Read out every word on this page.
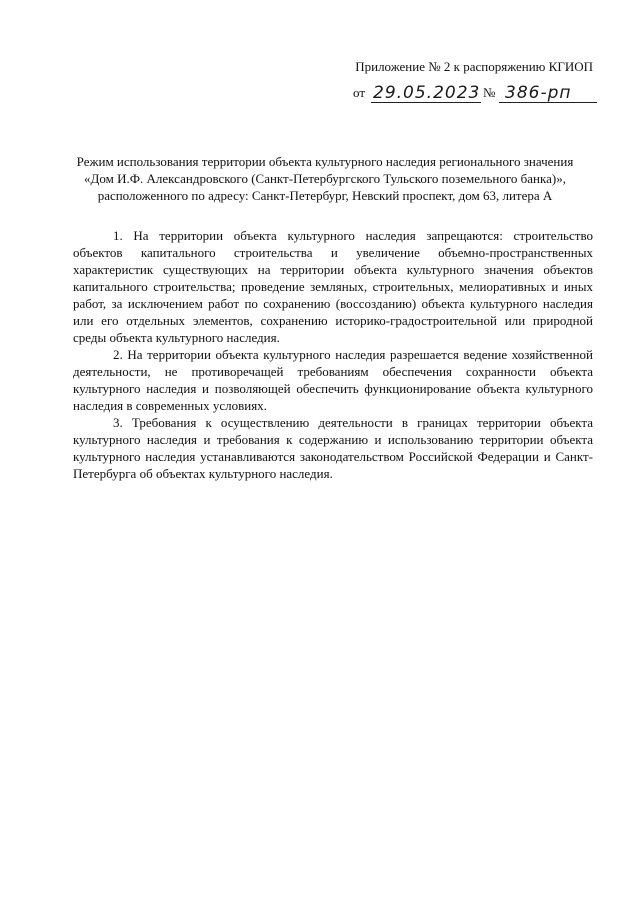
Приложение № 2 к распоряжению КГИОП
от 29.05.2023 № 386-рп
Режим использования территории объекта культурного наследия регионального значения
«Дом И.Ф. Александровского (Санкт-Петербургского Тульского поземельного банка)»,
расположенного по адресу: Санкт-Петербург, Невский проспект, дом 63, литера А

1. На территории объекта культурного наследия запрещаются: строительство объектов капитального строительства и увеличение объемно-пространственных характеристик существующих на территории объекта культурного значения объектов капитального строительства; проведение земляных, строительных, мелиоративных и иных работ, за исключением работ по сохранению (воссозданию) объекта культурного наследия или его отдельных элементов, сохранению историко-градостроительной или природной среды объекта культурного наследия.

2. На территории объекта культурного наследия разрешается ведение хозяйственной деятельности, не противоречащей требованиям обеспечения сохранности объекта культурного наследия и позволяющей обеспечить функционирование объекта культурного наследия в современных условиях.

3. Требования к осуществлению деятельности в границах территории объекта культурного наследия и требования к содержанию и использованию территории объекта культурного наследия устанавливаются законодательством Российской Федерации и Санкт-Петербурга об объектах культурного наследия.
